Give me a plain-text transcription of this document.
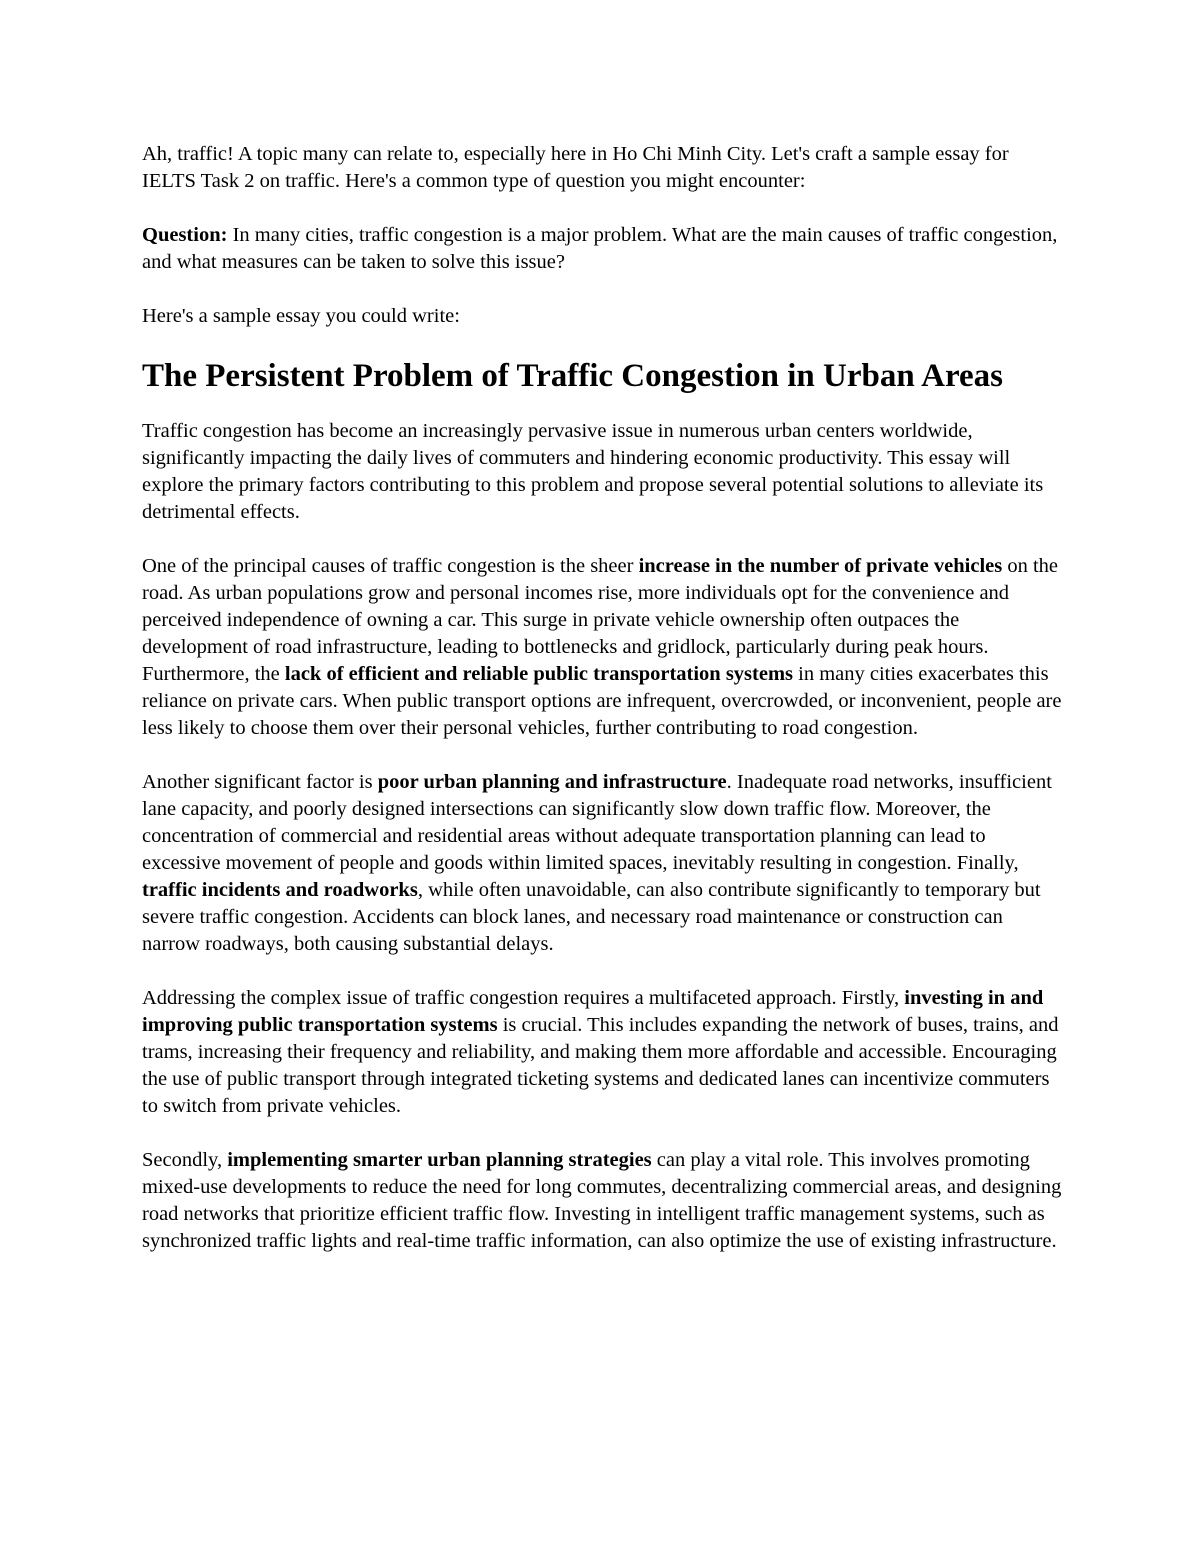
Ah, traffic! A topic many can relate to, especially here in Ho Chi Minh City. Let's craft a sample essay for IELTS Task 2 on traffic. Here's a common type of question you might encounter:

Question: In many cities, traffic congestion is a major problem. What are the main causes of traffic congestion, and what measures can be taken to solve this issue?

Here's a sample essay you could write:

The Persistent Problem of Traffic Congestion in Urban Areas

Traffic congestion has become an increasingly pervasive issue in numerous urban centers worldwide, significantly impacting the daily lives of commuters and hindering economic productivity. This essay will explore the primary factors contributing to this problem and propose several potential solutions to alleviate its detrimental effects.

One of the principal causes of traffic congestion is the sheer increase in the number of private vehicles on the road. As urban populations grow and personal incomes rise, more individuals opt for the convenience and perceived independence of owning a car. This surge in private vehicle ownership often outpaces the development of road infrastructure, leading to bottlenecks and gridlock, particularly during peak hours. Furthermore, the lack of efficient and reliable public transportation systems in many cities exacerbates this reliance on private cars. When public transport options are infrequent, overcrowded, or inconvenient, people are less likely to choose them over their personal vehicles, further contributing to road congestion.

Another significant factor is poor urban planning and infrastructure. Inadequate road networks, insufficient lane capacity, and poorly designed intersections can significantly slow down traffic flow. Moreover, the concentration of commercial and residential areas without adequate transportation planning can lead to excessive movement of people and goods within limited spaces, inevitably resulting in congestion. Finally, traffic incidents and roadworks, while often unavoidable, can also contribute significantly to temporary but severe traffic congestion. Accidents can block lanes, and necessary road maintenance or construction can narrow roadways, both causing substantial delays.

Addressing the complex issue of traffic congestion requires a multifaceted approach. Firstly, investing in and improving public transportation systems is crucial. This includes expanding the network of buses, trains, and trams, increasing their frequency and reliability, and making them more affordable and accessible. Encouraging the use of public transport through integrated ticketing systems and dedicated lanes can incentivize commuters to switch from private vehicles.

Secondly, implementing smarter urban planning strategies can play a vital role. This involves promoting mixed-use developments to reduce the need for long commutes, decentralizing commercial areas, and designing road networks that prioritize efficient traffic flow. Investing in intelligent traffic management systems, such as synchronized traffic lights and real-time traffic information, can also optimize the use of existing infrastructure.
